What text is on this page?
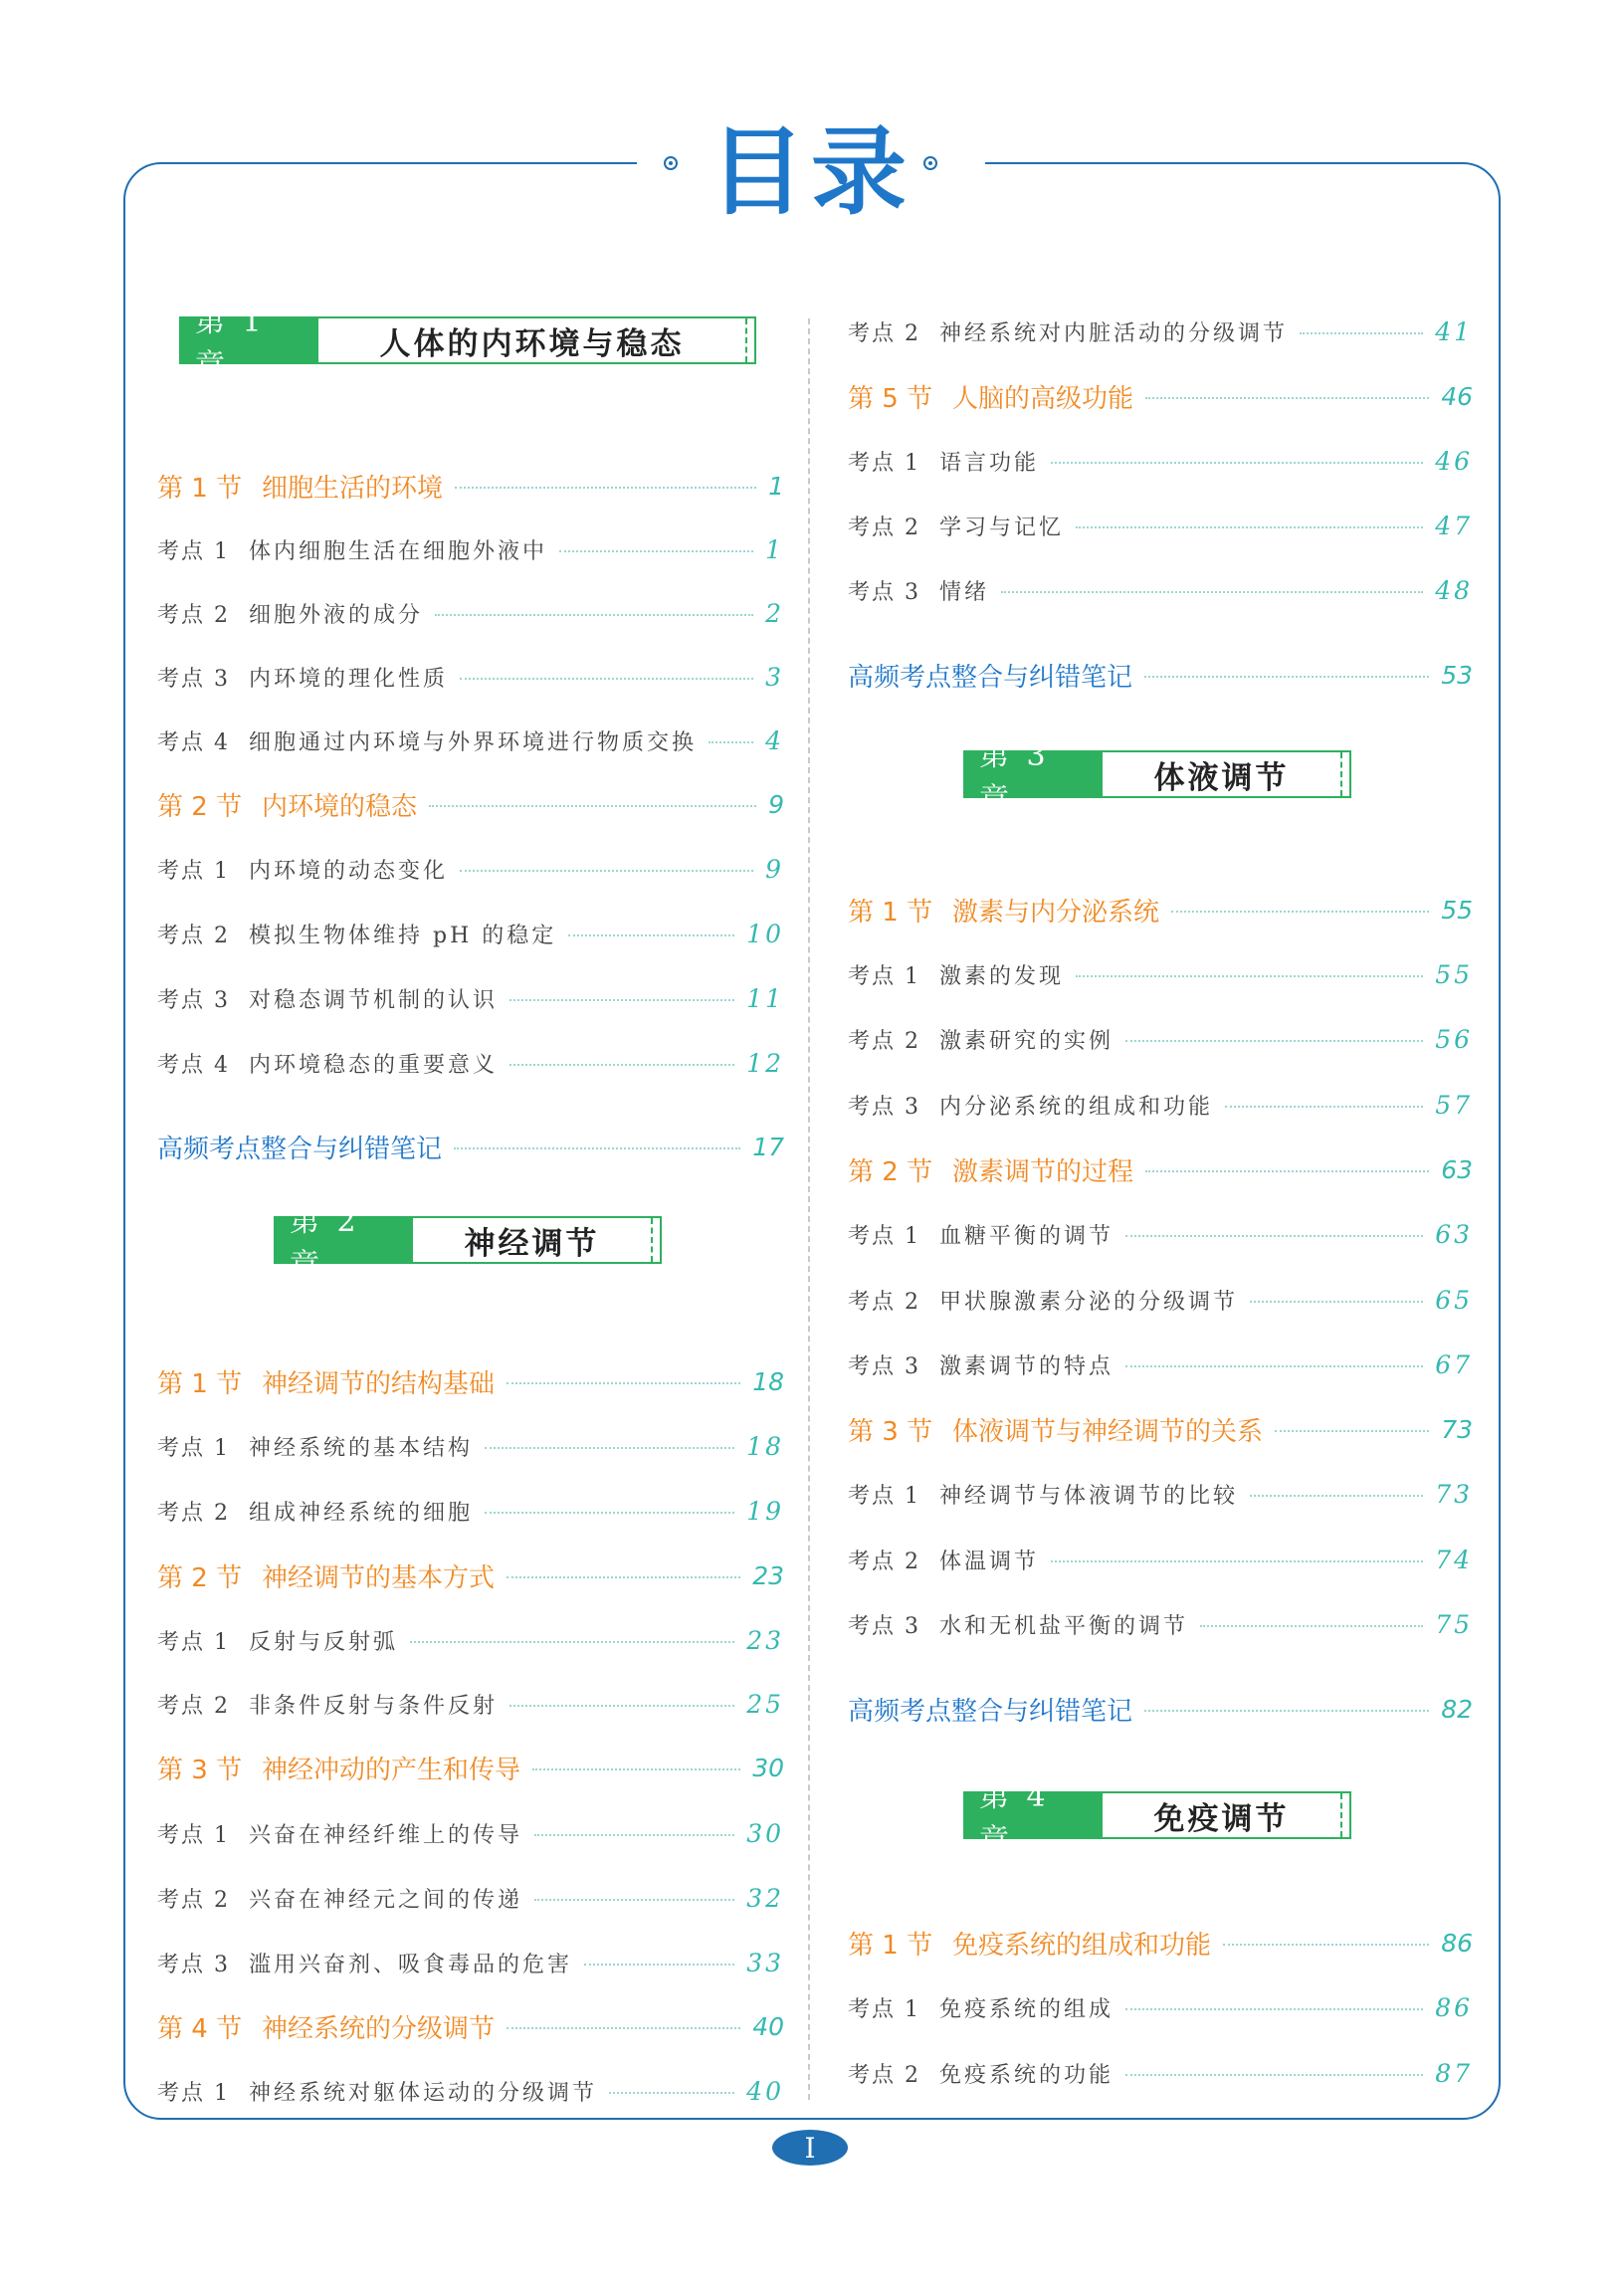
目录
第 1 章
人体的内环境与稳态
第 2 章
神经调节
第 3 章
体液调节
第 4 章
免疫调节
第 1 节 细胞生活的环境	1
考点 1 体内细胞生活在细胞外液中	1
考点 2 细胞外液的成分	2
考点 3 内环境的理化性质	3
考点 4 细胞通过内环境与外界环境进行物质交换	4
第 2 节 内环境的稳态	9
考点 1 内环境的动态变化	9
考点 2 模拟生物体维持 pH 的稳定	10
考点 3 对稳态调节机制的认识	11
考点 4 内环境稳态的重要意义	12
高频考点整合与纠错笔记	17
第 1 节 神经调节的结构基础	18
考点 1 神经系统的基本结构	18
考点 2 组成神经系统的细胞	19
第 2 节 神经调节的基本方式	23
考点 1 反射与反射弧	23
考点 2 非条件反射与条件反射	25
第 3 节 神经冲动的产生和传导	30
考点 1 兴奋在神经纤维上的传导	30
考点 2 兴奋在神经元之间的传递	32
考点 3 滥用兴奋剂、吸食毒品的危害	33
第 4 节 神经系统的分级调节	40
考点 1 神经系统对躯体运动的分级调节	40
考点 2 神经系统对内脏活动的分级调节	41
第 5 节 人脑的高级功能	46
考点 1 语言功能	46
考点 2 学习与记忆	47
考点 3 情绪	48
高频考点整合与纠错笔记	53
第 1 节 激素与内分泌系统	55
考点 1 激素的发现	55
考点 2 激素研究的实例	56
考点 3 内分泌系统的组成和功能	57
第 2 节 激素调节的过程	63
考点 1 血糖平衡的调节	63
考点 2 甲状腺激素分泌的分级调节	65
考点 3 激素调节的特点	67
第 3 节 体液调节与神经调节的关系	73
考点 1 神经调节与体液调节的比较	73
考点 2 体温调节	74
考点 3 水和无机盐平衡的调节	75
高频考点整合与纠错笔记	82
第 1 节 免疫系统的组成和功能	86
考点 1 免疫系统的组成	86
考点 2 免疫系统的功能	87
I
